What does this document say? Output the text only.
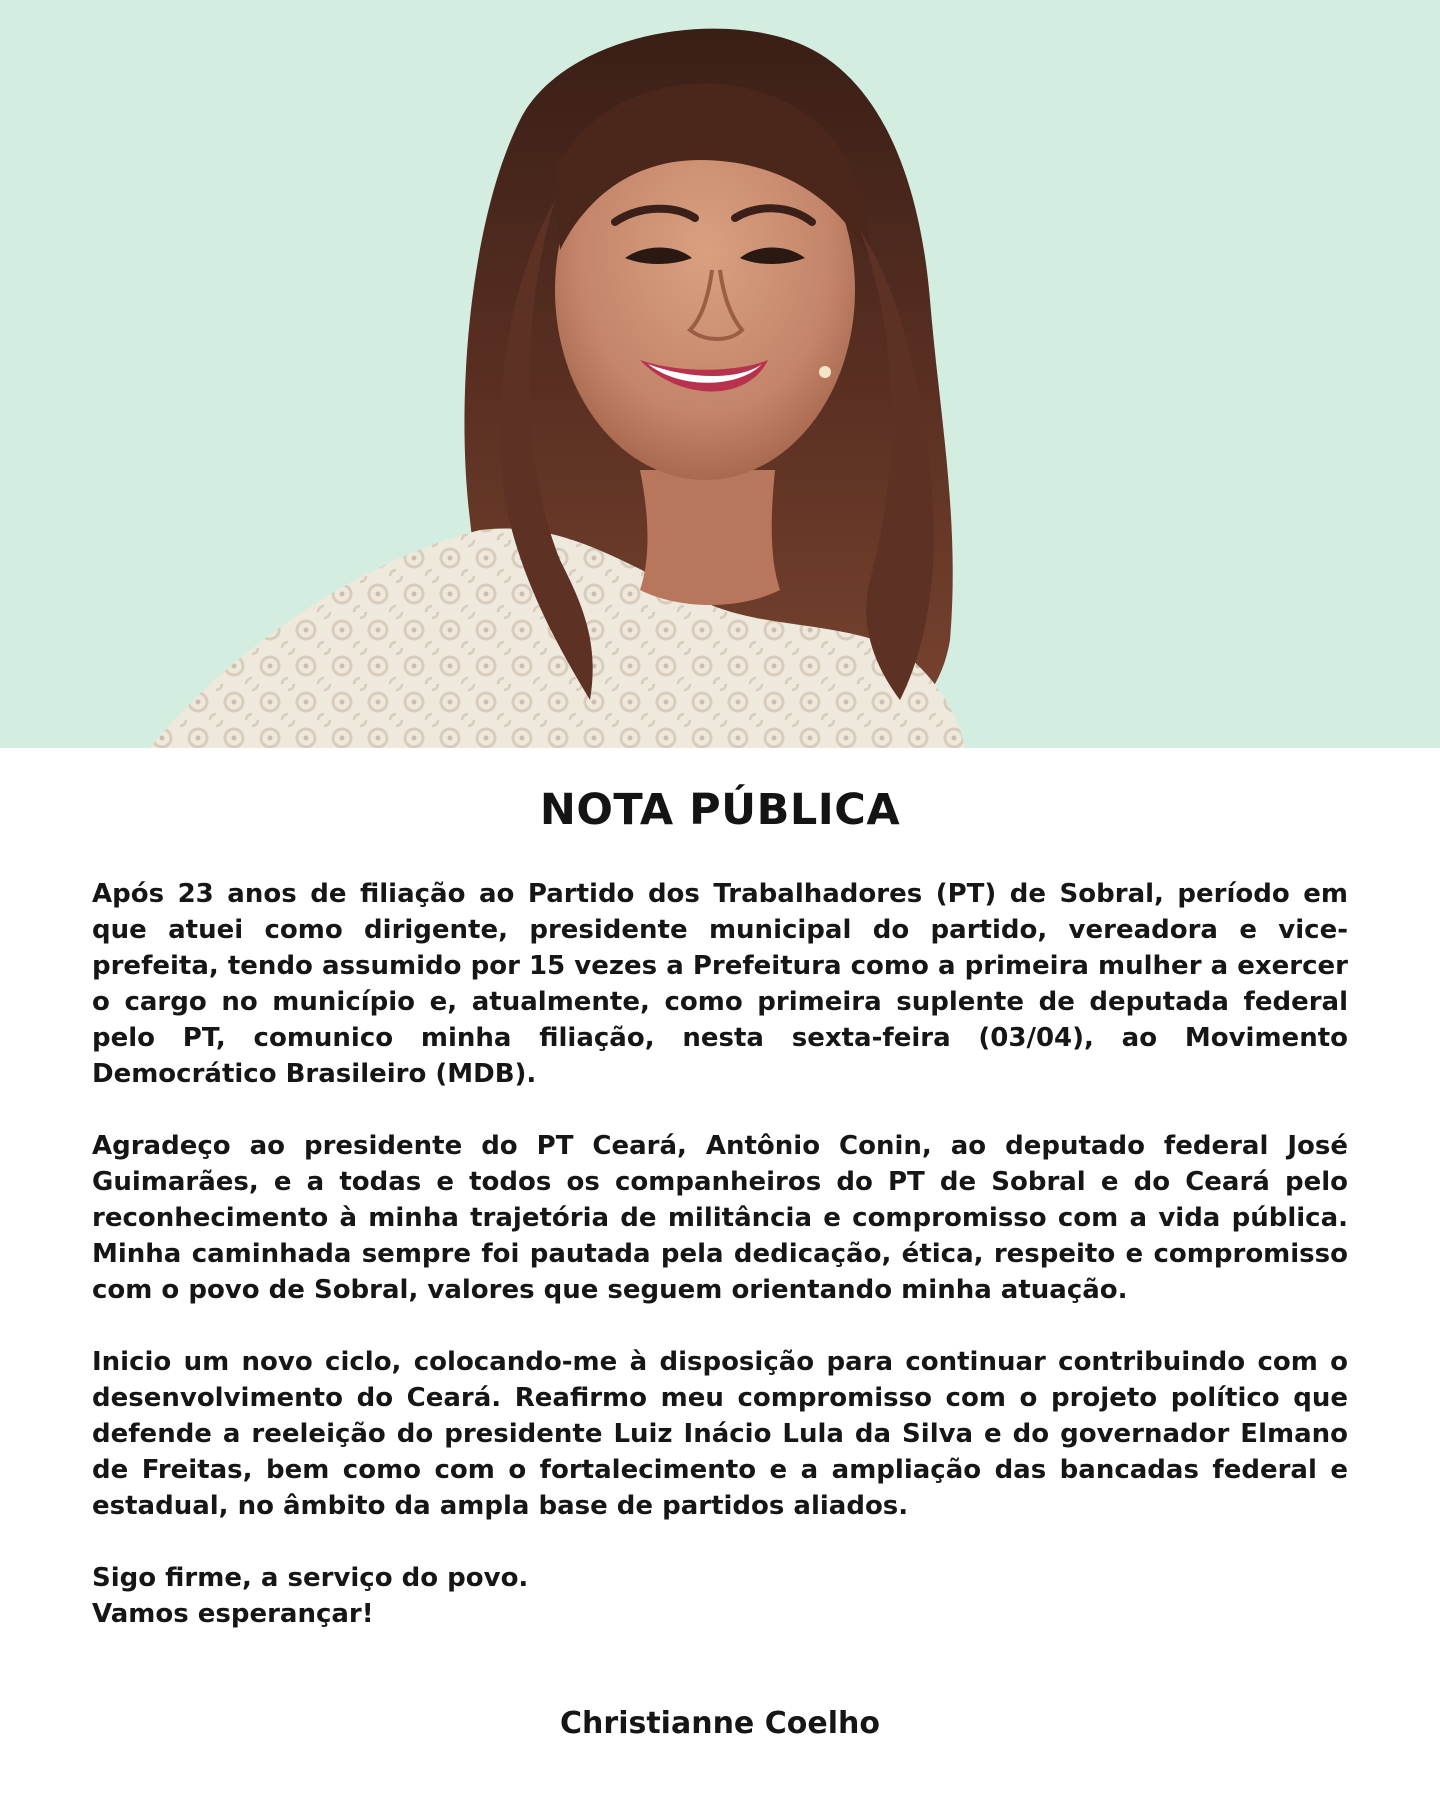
NOTA PÚBLICA

Após 23 anos de filiação ao Partido dos Trabalhadores (PT) de Sobral, período em que atuei como dirigente, presidente municipal do partido, vereadora e vice-prefeita, tendo assumido por 15 vezes a Prefeitura como a primeira mulher a exercer o cargo no município e, atualmente, como primeira suplente de deputada federal pelo PT, comunico minha filiação, nesta sexta-feira (03/04), ao Movimento Democrático Brasileiro (MDB).

Agradeço ao presidente do PT Ceará, Antônio Conin, ao deputado federal José Guimarães, e a todas e todos os companheiros do PT de Sobral e do Ceará pelo reconhecimento à minha trajetória de militância e compromisso com a vida pública. Minha caminhada sempre foi pautada pela dedicação, ética, respeito e compromisso com o povo de Sobral, valores que seguem orientando minha atuação.

Inicio um novo ciclo, colocando-me à disposição para continuar contribuindo com o desenvolvimento do Ceará. Reafirmo meu compromisso com o projeto político que defende a reeleição do presidente Luiz Inácio Lula da Silva e do governador Elmano de Freitas, bem como com o fortalecimento e a ampliação das bancadas federal e estadual, no âmbito da ampla base de partidos aliados.

Sigo firme, a serviço do povo.

Vamos esperançar!

Christianne Coelho
